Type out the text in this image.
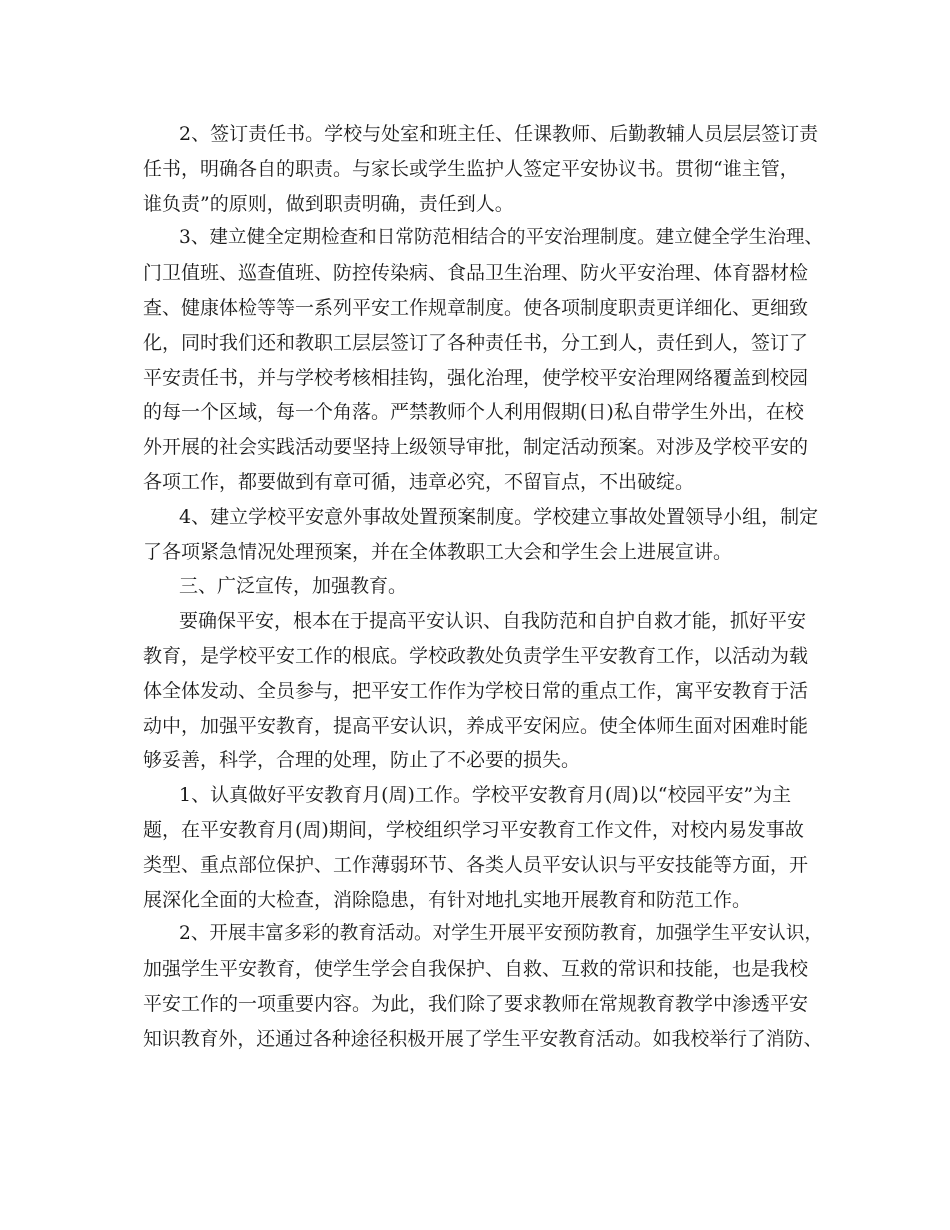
2、签订责任书。学校与处室和班主任、任课教师、后勤教辅人员层层签订责
任书，明确各自的职责。与家长或学生监护人签定平安协议书。贯彻“谁主管，
谁负责”的原则，做到职责明确，责任到人。
3、建立健全定期检查和日常防范相结合的平安治理制度。建立健全学生治理、
门卫值班、巡查值班、防控传染病、食品卫生治理、防火平安治理、体育器材检
查、健康体检等等一系列平安工作规章制度。使各项制度职责更详细化、更细致
化，同时我们还和教职工层层签订了各种责任书，分工到人，责任到人，签订了
平安责任书，并与学校考核相挂钩，强化治理，使学校平安治理网络覆盖到校园
的每一个区域，每一个角落。严禁教师个人利用假期(日)私自带学生外出，在校
外开展的社会实践活动要坚持上级领导审批，制定活动预案。对涉及学校平安的
各项工作，都要做到有章可循，违章必究，不留盲点，不出破绽。
4、建立学校平安意外事故处置预案制度。学校建立事故处置领导小组，制定
了各项紧急情况处理预案，并在全体教职工大会和学生会上进展宣讲。
三、广泛宣传，加强教育。
要确保平安，根本在于提高平安认识、自我防范和自护自救才能，抓好平安
教育，是学校平安工作的根底。学校政教处负责学生平安教育工作，以活动为载
体全体发动、全员参与，把平安工作作为学校日常的重点工作，寓平安教育于活
动中，加强平安教育，提高平安认识，养成平安闲应。使全体师生面对困难时能
够妥善，科学，合理的处理，防止了不必要的损失。
1、认真做好平安教育月(周)工作。学校平安教育月(周)以“校园平安”为主
题，在平安教育月(周)期间，学校组织学习平安教育工作文件，对校内易发事故
类型、重点部位保护、工作薄弱环节、各类人员平安认识与平安技能等方面，开
展深化全面的大检查，消除隐患，有针对地扎实地开展教育和防范工作。
2、开展丰富多彩的教育活动。对学生开展平安预防教育，加强学生平安认识，
加强学生平安教育，使学生学会自我保护、自救、互救的常识和技能，也是我校
平安工作的一项重要内容。为此，我们除了要求教师在常规教育教学中渗透平安
知识教育外，还通过各种途径积极开展了学生平安教育活动。如我校举行了消防、
